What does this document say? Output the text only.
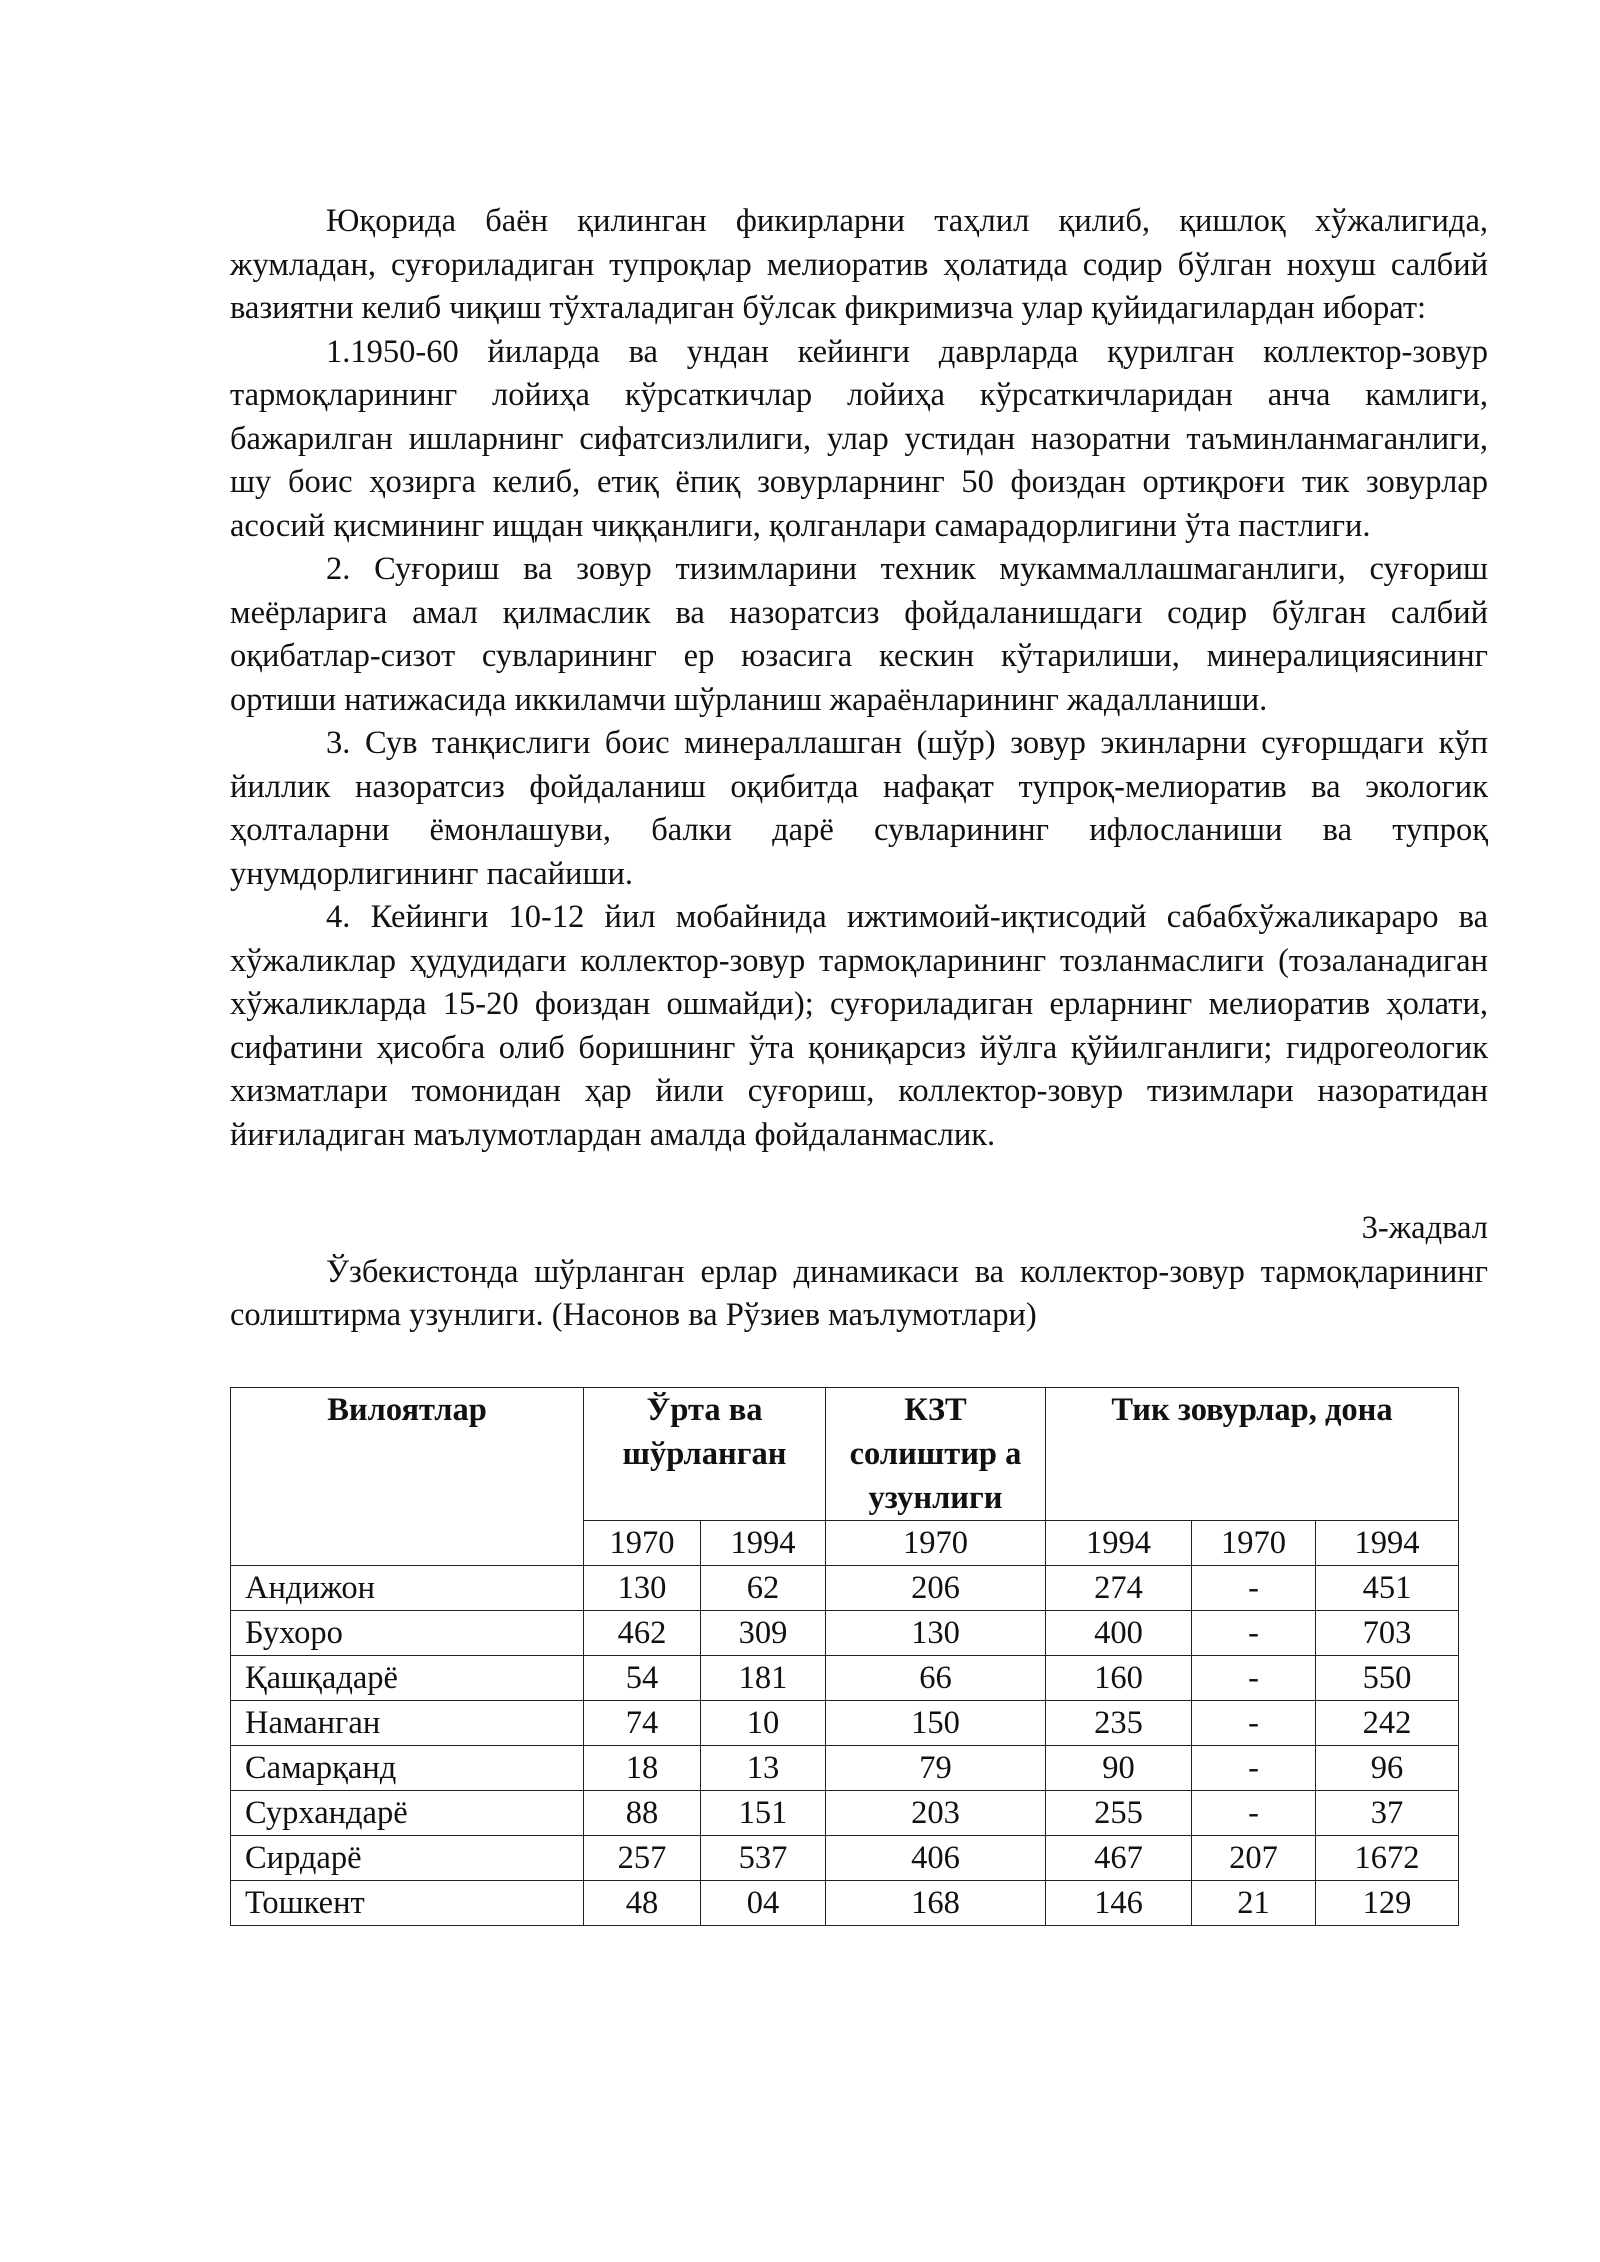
Юқорида баён қилинган фикирларни таҳлил қилиб, қишлоқ хўжалигида, жумладан, суғориладиган тупроқлар мелиоратив ҳолатида содир бўлган нохуш салбий вазиятни келиб чиқиш тўхталадиган бўлсак фикримизча улар қуйидагилардан иборат:

1.1950-60 йиларда ва ундан кейинги даврларда қурилган коллектор-зовур тармоқларининг лойиҳа кўрсаткичлар лойиҳа кўрсаткичларидан анча камлиги, бажарилган ишларнинг сифатсизлилиги, улар устидан назоратни таъминланмаганлиги, шу боис ҳозирга келиб, етиқ ёпиқ зовурларнинг 50 фоиздан ортиқроғи тик зовурлар асосий қисмининг ищдан чиққанлиги, қолганлари самарадорлигини ўта пастлиги.

2. Суғориш ва зовур тизимларини техник мукаммаллашмаганлиги, суғориш меёрларига амал қилмаслик ва назоратсиз фойдаланишдаги содир бўлган салбий оқибатлар-сизот сувларининг ер юзасига кескин кўтарилиши, минералициясининг ортиши натижасида иккиламчи шўрланиш жараёнларининг жадалланиши.

3. Сув танқислиги боис минераллашган (шўр) зовур экинларни суғоршдаги кўп йиллик назоратсиз фойдаланиш оқибитда нафақат тупроқ-мелиоратив ва экологик ҳолталарни ёмонлашуви, балки дарё сувларининг ифлосланиши ва тупроқ унумдорлигининг пасайиши.

4. Кейинги 10-12 йил мобайнида ижтимоий-иқтисодий сабабхўжаликараро ва хўжаликлар ҳудудидаги коллектор-зовур тармоқларининг тозланмаслиги (тозаланадиган хўжаликларда 15-20 фоиздан ошмайди); суғориладиган ерларнинг мелиоратив ҳолати, сифатини ҳисобга олиб боришнинг ўта қониқарсиз йўлга қўйилганлиги; гидрогеологик хизматлари томонидан ҳар йили суғориш, коллектор-зовур тизимлари назоратидан йиғиладиган маълумотлардан амалда фойдаланмаслик.

3-жадвал

Ўзбекистонда шўрланган ерлар динамикаси ва коллектор-зовур тармоқларининг солиштирма узунлиги. (Насонов ва Рўзиев маълумотлари)

Вилоятлар	Ўрта ва шўрланган		КЗТ солиштир а узунлиги	Тик зовурлар, дона		
	1970	1994	1970	1994	1970	1994
Андижон	130	62	206	274	-	451
Бухоро	462	309	130	400	-	703
Қашқадарё	54	181	66	160	-	550
Наманган	74	10	150	235	-	242
Самарқанд	18	13	79	90	-	96
Сурхандарё	88	151	203	255	-	37
Сирдарё	257	537	406	467	207	1672
Тошкент	48	04	168	146	21	129
